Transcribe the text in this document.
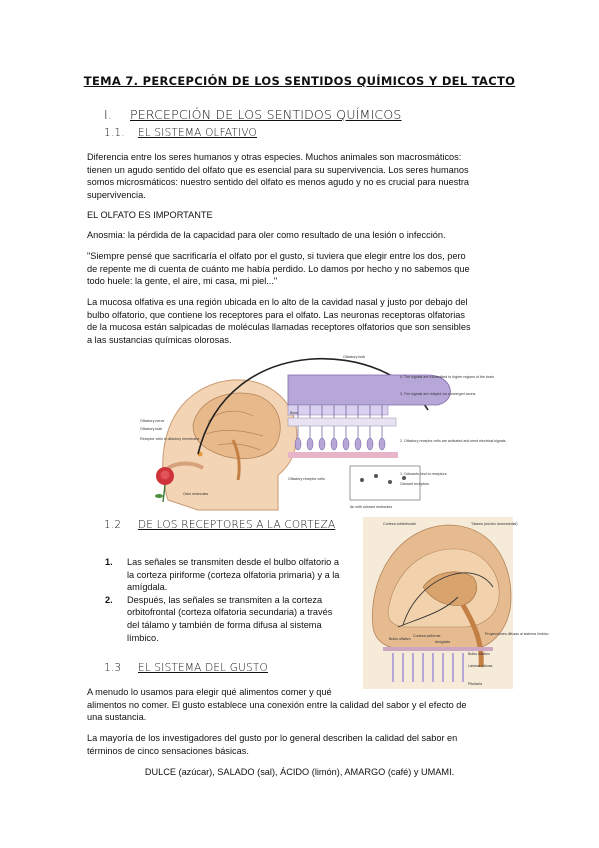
TEMA 7. PERCEPCIÓN DE LOS SENTIDOS QUÍMICOS Y DEL TACTO
I. PERCEPCIÓN DE LOS SENTIDOS QUÍMICOS
1.1. EL SISTEMA OLFATIVO
Diferencia entre los seres humanos y otras especies. Muchos animales son macrosmáticos:
tienen un agudo sentido del olfato que es esencial para su supervivencia. Los seres humanos
somos microsmáticos: nuestro sentido del olfato es menos agudo y no es crucial para nuestra
supervivencia.
EL OLFATO ES IMPORTANTE
Anosmia: la pérdida de la capacidad para oler como resultado de una lesión o infección.
"Siempre pensé que sacrificaría el olfato por el gusto, si tuviera que elegir entre los dos, pero
de repente me di cuenta de cuánto me había perdido. Lo damos por hecho y no sabemos que
todo huele: la gente, el aire, mi casa, mi piel..."
La mucosa olfativa es una región ubicada en lo alto de la cavidad nasal y justo por debajo del
bulbo olfatorio, que contiene los receptores para el olfato. Las neuronas receptoras olfatorias
de la mucosa están salpicadas de moléculas llamadas receptores olfatorios que son sensibles
a las sustancias químicas olorosas.
Olfactory bulb
4. The signals are transmitted to higher regions of the brain
3. The signals are relayed via converged axons.
Bone
2. Olfactory receptor cells are activated and send electrical signals.
1. Odorants bind to receptors.
Odorant receptors
Air with odorant molecules
Olfactory receptor cells
Olfactory nerve
Olfactory bulb
Receptor cells in olfactory membrane
Odor molecules
1.2 DE LOS RECEPTORES A LA CORTEZA
1. Las señales se transmiten desde el bulbo olfatorio a
la corteza piriforme (corteza olfatoria primaria) y a la
amígdala.
2. Después, las señales se transmiten a la corteza
orbitofrontal (corteza olfatoria secundaria) a través
del tálamo y también de forma difusa al sistema
límbico.
Corteza orbitofrontal	Tálamo (núcleo dorsomedial)
Bulbo olfativo
Corteza piriforme
Amígdala
Bulbo olfativo
Lámina cribosa
Proyecciones difusas al sistema límbico
Pituitaria
1.3 EL SISTEMA DEL GUSTO
A menudo lo usamos para elegir qué alimentos comer y qué
alimentos no comer. El gusto establece una conexión entre la calidad del sabor y el efecto de
una sustancia.
La mayoría de los investigadores del gusto por lo general describen la calidad del sabor en
términos de cinco sensaciones básicas.
DULCE (azúcar), SALADO (sal), ÁCIDO (limón), AMARGO (café) y UMAMI.
